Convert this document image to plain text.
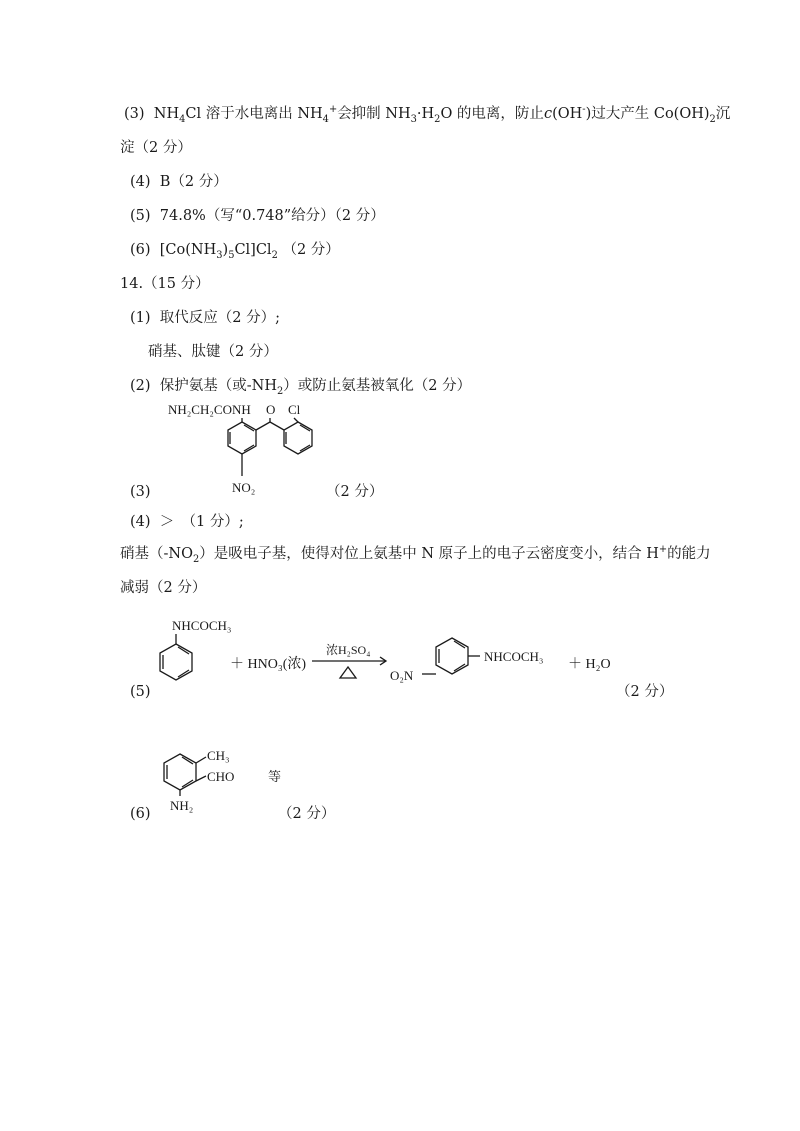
(3) $NH_4Cl$ 溶于水电离出 $NH_4^+$会抑制 $NH_3\cdot H_2O$ 的电离，防止c(OH-)过大产生 $Co(OH)_2$沉
淀（2 分）
(4) B（2 分）
(5) 74.8%（写“0.748”给分）（2 分）
(6) $[Co(NH_3)_5Cl]Cl_2$ （2 分）
14.（15 分）
(1) 取代反应（2 分）;
硝基、肽键（2 分）
(2) 保护氨基（或$-NH_2$）或防止氨基被氧化（2 分）
NH₂CH₂CONH O Cl
NO₂
(3)	（2 分）
(4) ＞　（1 分）;
硝基$(-NO_2)$是吸电子基，使得对位上氨基中 N 原子上的电子云密度变小，结合 H+的能力
减弱（2 分）
NHCOCH₃
＋ HNO₃(浓)
浓H₂SO₄
O₂N
NHCOCH₃
＋ H₂O
(5)	（2 分）
CH₃
CHO	等
NH₂
(6)	（2 分）
